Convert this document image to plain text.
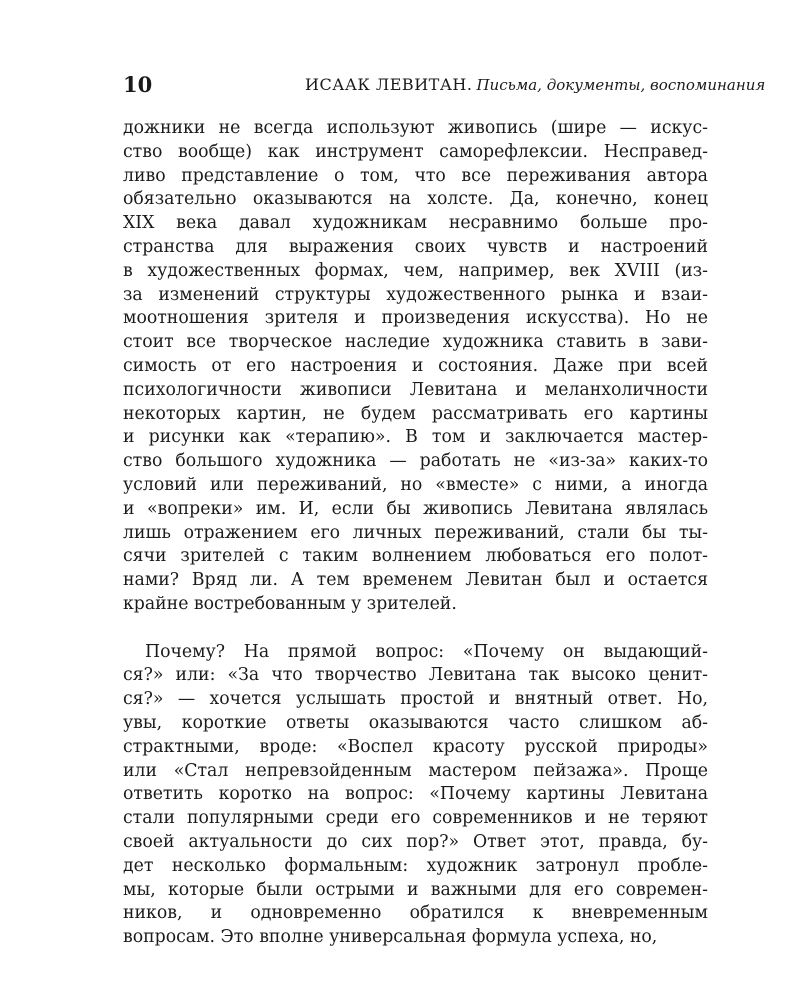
10	ИСААК ЛЕВИТАН. Письма, документы, воспоминания

дожники не всегда используют живопись (шире — искус-
ство вообще) как инструмент саморефлексии. Несправед-
ливо представление о том, что все переживания автора
обязательно оказываются на холсте. Да, конечно, конец
XIX века давал художникам несравнимо больше про-
странства для выражения своих чувств и настроений
в художественных формах, чем, например, век XVIII (из-
за изменений структуры художественного рынка и взаи-
моотношения зрителя и произведения искусства). Но не
стоит все творческое наследие художника ставить в зави-
симость от его настроения и состояния. Даже при всей
психологичности живописи Левитана и меланхоличности
некоторых картин, не будем рассматривать его картины
и рисунки как «терапию». В том и заключается мастер-
ство большого художника — работать не «из-за» каких-то
условий или переживаний, но «вместе» с ними, а иногда
и «вопреки» им. И, если бы живопись Левитана являлась
лишь отражением его личных переживаний, стали бы ты-
сячи зрителей с таким волнением любоваться его полот-
нами? Вряд ли. А тем временем Левитан был и остается
крайне востребованным у зрителей.

Почему? На прямой вопрос: «Почему он выдающий-
ся?» или: «За что творчество Левитана так высоко ценит-
ся?» — хочется услышать простой и внятный ответ. Но,
увы, короткие ответы оказываются часто слишком аб-
страктными, вроде: «Воспел красоту русской природы»
или «Стал непревзойденным мастером пейзажа». Проще
ответить коротко на вопрос: «Почему картины Левитана
стали популярными среди его современников и не теряют
своей актуальности до сих пор?» Ответ этот, правда, бу-
дет несколько формальным: художник затронул пробле-
мы, которые были острыми и важными для его современ-
ников, и одновременно обратился к вневременным
вопросам. Это вполне универсальная формула успеха, но,
